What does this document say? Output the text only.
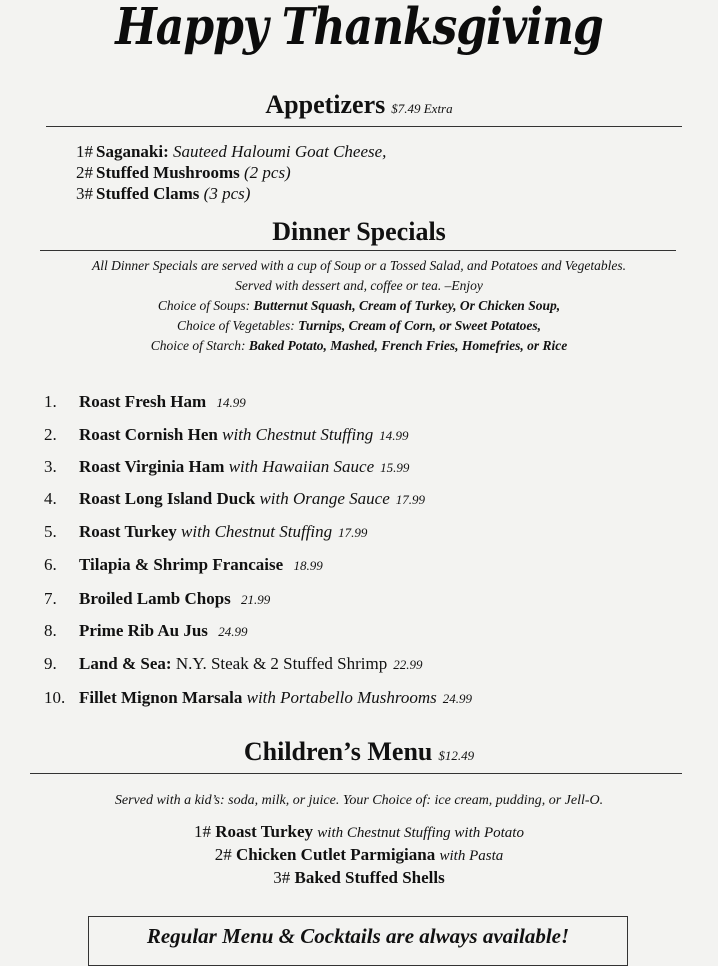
Happy Thanksgiving
Appetizers $7.49 Extra
1# Saganaki: Sauteed Haloumi Goat Cheese,
2# Stuffed Mushrooms (2 pcs)
3# Stuffed Clams (3 pcs)
Dinner Specials
All Dinner Specials are served with a cup of Soup or a Tossed Salad, and Potatoes and Vegetables.
Served with dessert and, coffee or tea. –Enjoy
Choice of Soups: Butternut Squash, Cream of Turkey, Or Chicken Soup,
Choice of Vegetables: Turnips, Cream of Corn, or Sweet Potatoes,
Choice of Starch: Baked Potato, Mashed, French Fries, Homefries, or Rice
1. Roast Fresh Ham 14.99
2. Roast Cornish Hen with Chestnut Stuffing 14.99
3. Roast Virginia Ham with Hawaiian Sauce 15.99
4. Roast Long Island Duck with Orange Sauce 17.99
5. Roast Turkey with Chestnut Stuffing 17.99
6. Tilapia & Shrimp Francaise 18.99
7. Broiled Lamb Chops 21.99
8. Prime Rib Au Jus 24.99
9. Land & Sea: N.Y. Steak & 2 Stuffed Shrimp 22.99
10. Fillet Mignon Marsala with Portabello Mushrooms 24.99
Children’s Menu $12.49
Served with a kid’s: soda, milk, or juice. Your Choice of: ice cream, pudding, or Jell-O.
1# Roast Turkey with Chestnut Stuffing with Potato
2# Chicken Cutlet Parmigiana with Pasta
3# Baked Stuffed Shells
Regular Menu & Cocktails are always available!
